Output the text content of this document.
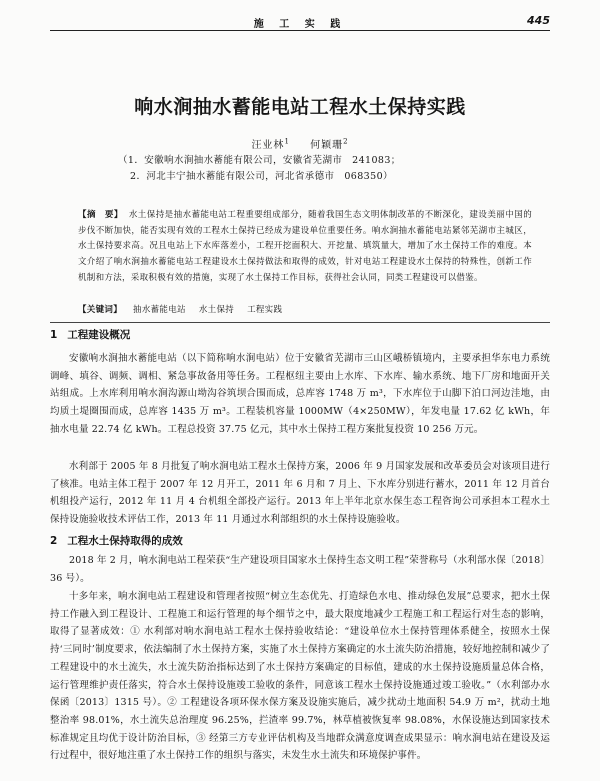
施 工 实 践	445
响水涧抽水蓄能电站工程水土保持实践
汪业林$^1$ 何颖珊$^2$
（1．安徽响水涧抽水蓄能有限公司，安徽省芜湖市　241083；
2．河北丰宁抽水蓄能有限公司，河北省承德市　068350）
【摘　要】 水土保持是抽水蓄能电站工程重要组成部分，随着我国生态文明体制改革的不断深化，建设美丽中国的步伐不断加快，能否实现有效的工程水土保持已经成为建设单位重要任务。响水涧抽水蓄能电站紧邻芜湖市主城区，水土保持要求高。况且电站上下水库落差小，工程开挖面积大、开挖量、填筑量大，增加了水土保持工作的难度。本文介绍了响水涧抽水蓄能电站工程建设水土保持做法和取得的成效，针对电站工程建设水土保持的特殊性，创新工作机制和方法，采取积极有效的措施，实现了水土保持工作目标，获得社会认同，同类工程建设可以借鉴。
【关键词】 抽水蓄能电站 水土保持 工程实践
1 工程建设概况
安徽响水涧抽水蓄能电站（以下简称响水涧电站）位于安徽省芜湖市三山区峨桥镇境内，主要承担华东电力系统调峰、填谷、调频、调相、紧急事故备用等任务。工程枢纽主要由上水库、下水库、输水系统、地下厂房和地面开关站组成。上水库利用响水涧沟源山坳沟谷筑坝合围而成，总库容 1748 万 m³，下水库位于山脚下泊口河边洼地，由均质土堤圈围而成，总库容 1435 万 m³。工程装机容量 1000MW（4×250MW），年发电量 17.62 亿 kWh，年抽水电量 22.74 亿 kWh。工程总投资 37.75 亿元，其中水土保持工程方案批复投资 10 256 万元。
水利部于 2005 年 8 月批复了响水涧电站工程水土保持方案，2006 年 9 月国家发展和改革委员会对该项目进行了核准。电站主体工程于 2007 年 12 月开工，2011 年 6 月和 7 月上、下水库分别进行蓄水，2011 年 12 月首台机组投产运行，2012 年 11 月 4 台机组全部投产运行。2013 年上半年北京水保生态工程咨询公司承担本工程水土保持设施验收技术评估工作，2013 年 11 月通过水利部组织的水土保持设施验收。
2 工程水土保持取得的成效
2018 年 2 月，响水涧电站工程荣获“生产建设项目国家水土保持生态文明工程”荣誉称号（水利部水保〔2018〕36 号）。
十多年来，响水涧电站工程建设和管理者按照“树立生态优先、打造绿色水电、推动绿色发展”总要求，把水土保持工作融入到工程设计、工程施工和运行管理的每个细节之中，最大限度地减少工程施工和工程运行对生态的影响，取得了显著成效：① 水利部对响水涧电站工程水土保持验收结论：“建设单位水土保持管理体系健全，按照水土保持‘三同时’制度要求，依法编制了水土保持方案，实施了水土保持方案确定的水土流失防治措施，较好地控制和减少了工程建设中的水土流失，水土流失防治指标达到了水土保持方案确定的目标值，建成的水土保持设施质量总体合格，运行管理维护责任落实，符合水土保持设施竣工验收的条件，同意该工程水土保持设施通过竣工验收。”（水利部办水保函〔2013〕1315 号）。② 工程建设各项环保水保方案及设施实施后，减少扰动土地面积 54.9 万 m²，扰动土地整治率 98.01%，水土流失总治理度 96.25%，拦渣率 99.7%，林草植被恢复率 98.08%，水保设施达到国家技术标准规定且均优于设计防治目标，③ 经第三方专业评估机构及当地群众满意度调查成果显示：响水涧电站在建设及运行过程中，很好地注重了水土保持工作的组织与落实，未发生水土流失和环境保护事件。
